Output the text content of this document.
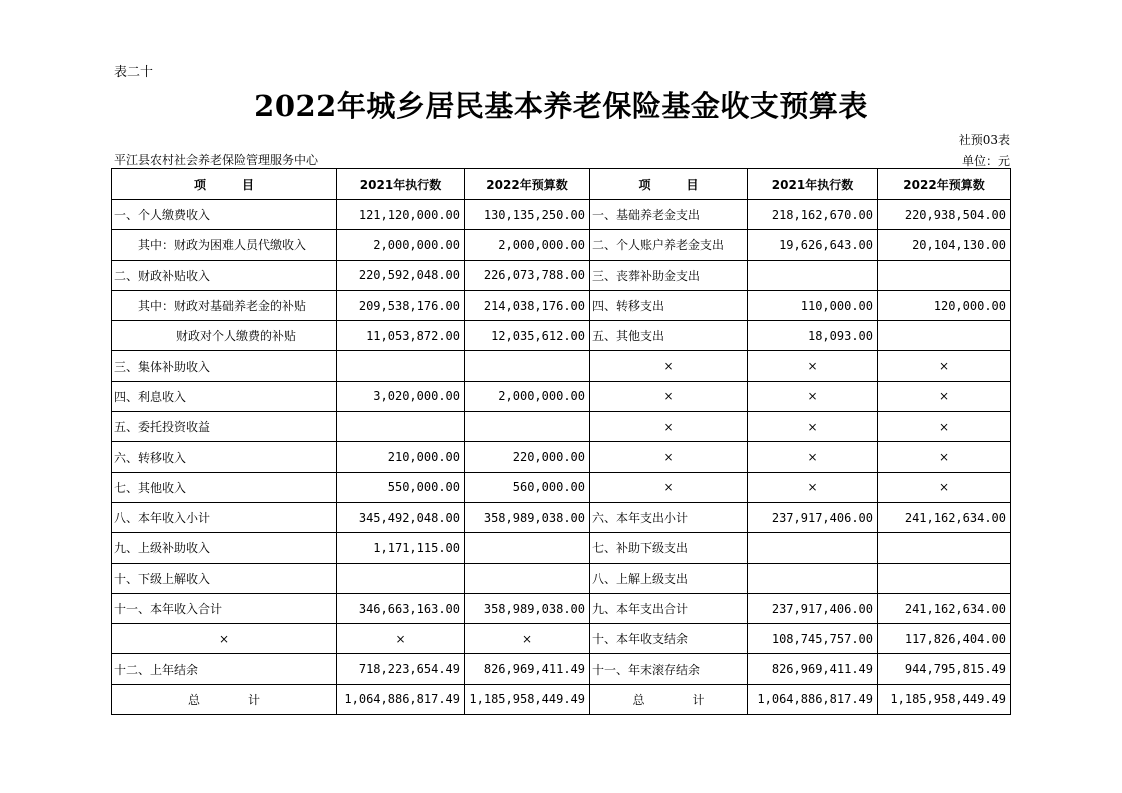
表二十
2022年城乡居民基本养老保险基金收支预算表
社预03表
平江县农村社会养老保险管理服务中心	单位：元
项　　　目	2021年执行数	2022年预算数	项　　　目	2021年执行数	2022年预算数
一、个人缴费收入	121,120,000.00	130,135,250.00	一、基础养老金支出	218,162,670.00	220,938,504.00
其中：财政为困难人员代缴收入	2,000,000.00	2,000,000.00	二、个人账户养老金支出	19,626,643.00	20,104,130.00
二、财政补贴收入	220,592,048.00	226,073,788.00	三、丧葬补助金支出		
其中：财政对基础养老金的补贴	209,538,176.00	214,038,176.00	四、转移支出	110,000.00	120,000.00
财政对个人缴费的补贴	11,053,872.00	12,035,612.00	五、其他支出	18,093.00	
三、集体补助收入			×	×	×
四、利息收入	3,020,000.00	2,000,000.00	×	×	×
五、委托投资收益			×	×	×
六、转移收入	210,000.00	220,000.00	×	×	×
七、其他收入	550,000.00	560,000.00	×	×	×
八、本年收入小计	345,492,048.00	358,989,038.00	六、本年支出小计	237,917,406.00	241,162,634.00
九、上级补助收入	1,171,115.00		七、补助下级支出		
十、下级上解收入			八、上解上级支出		
十一、本年收入合计	346,663,163.00	358,989,038.00	九、本年支出合计	237,917,406.00	241,162,634.00
×	×	×	十、本年收支结余	108,745,757.00	117,826,404.00
十二、上年结余	718,223,654.49	826,969,411.49	十一、年末滚存结余	826,969,411.49	944,795,815.49
总　　　　计	1,064,886,817.49	1,185,958,449.49	总　　　　计	1,064,886,817.49	1,185,958,449.49
